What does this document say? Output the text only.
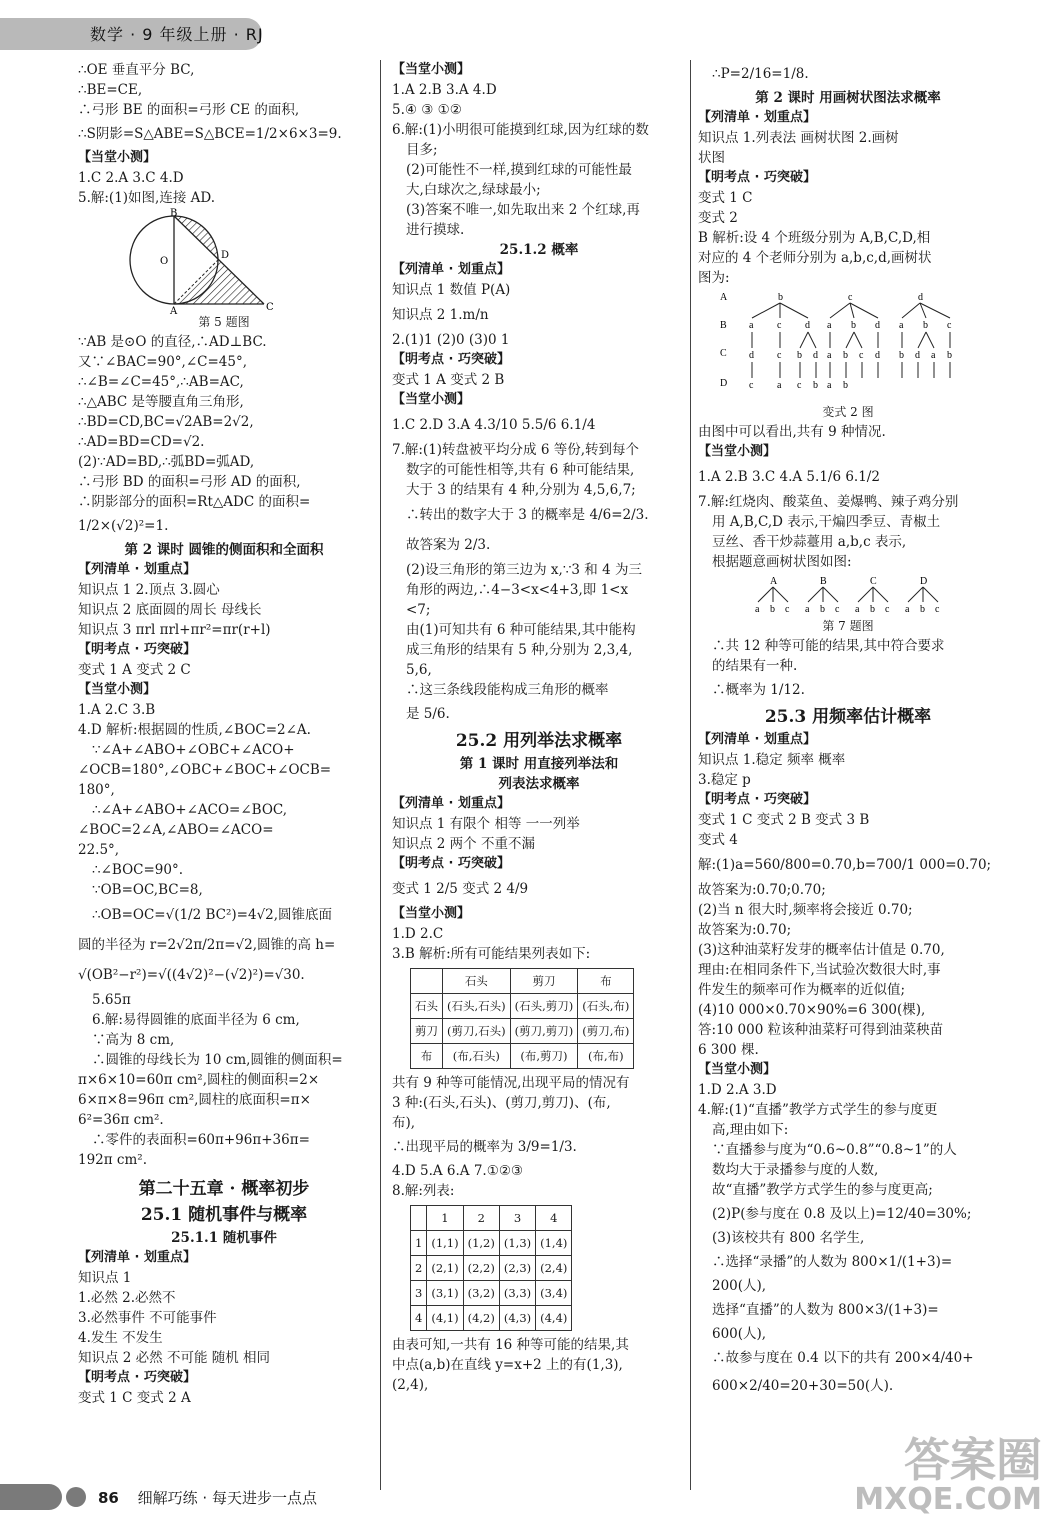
数学 · 9 年级上册 · RJ
∴OE 垂直平分 BC,
∴BE=CE,
∴弓形 BE 的面积=弓形 CE 的面积,
∴S阴影=S△ABE=S△BCE=1/2×6×3=9.
【当堂小测】
1.C 2.A 3.C 4.D
5.解:(1)如图,连接 AD.
B
O
D
A	C
第 5 题图
∵AB 是⊙O 的直径,∴AD⊥BC.
又∵∠BAC=90°,∠C=45°,
∴∠B=∠C=45°,∴AB=AC,
∴△ABC 是等腰直角三角形,
∴BD=CD,BC=√2AB=2√2,
∴AD=BD=CD=√2.
(2)∵AD=BD,∴弧BD=弧AD,
∴弓形 BD 的面积=弓形 AD 的面积,
∴阴影部分的面积=Rt△ADC 的面积=
1/2×(√2)²=1.
第 2 课时 圆锥的侧面积和全面积
【列清单 · 划重点】
知识点 1 2.顶点 3.圆心
知识点 2 底面圆的周长 母线长
知识点 3 πrl πrl+πr²=πr(r+l)
【明考点 · 巧突破】
变式 1 A 变式 2 C
【当堂小测】
1.A 2.C 3.B
4.D 解析:根据圆的性质,∠BOC=2∠A.
∵∠A+∠ABO+∠OBC+∠ACO+
∠OCB=180°,∠OBC+∠BOC+∠OCB=
180°,
∴∠A+∠ABO+∠ACO=∠BOC,
∠BOC=2∠A,∠ABO=∠ACO=
22.5°,
∴∠BOC=90°.
∵OB=OC,BC=8,
∴OB=OC=√(1/2 BC²)=4√2,圆锥底面
圆的半径为 r=2√2π/2π=√2,圆锥的高 h=
√(OB²−r²)=√((4√2)²−(√2)²)=√30.
5.65π
6.解:易得圆锥的底面半径为 6 cm,
∵高为 8 cm,
∴圆锥的母线长为 10 cm,圆锥的侧面积=
π×6×10=60π cm²,圆柱的侧面积=2×
6×π×8=96π cm²,圆柱的底面积=π×
6²=36π cm².
∴零件的表面积=60π+96π+36π=
192π cm².
第二十五章 · 概率初步
25.1 随机事件与概率
25.1.1 随机事件
【列清单 · 划重点】
知识点 1
1.必然 2.必然不
3.必然事件 不可能事件
4.发生 不发生
知识点 2 必然 不可能 随机 相同
【明考点 · 巧突破】
变式 1 C 变式 2 A
【当堂小测】
1.A 2.B 3.A 4.D
5.④ ③ ①②
6.解:(1)小明很可能摸到红球,因为红球的数
目多;
(2)可能性不一样,摸到红球的可能性最
大,白球次之,绿球最小;
(3)答案不唯一,如先取出来 2 个红球,再
进行摸球.
25.1.2 概率
【列清单 · 划重点】
知识点 1 数值 P(A)
知识点 2 1.m/n
2.(1)1 (2)0 (3)0 1
【明考点 · 巧突破】
变式 1 A 变式 2 B
【当堂小测】
1.C 2.D 3.A 4.3/10 5.5/6 6.1/4
7.解:(1)转盘被平均分成 6 等份,转到每个
数字的可能性相等,共有 6 种可能结果,
大于 3 的结果有 4 种,分别为 4,5,6,7;
∴转出的数字大于 3 的概率是 4/6=2/3.
故答案为 2/3.
(2)设三角形的第三边为 x,∵3 和 4 为三
角形的两边,∴4−3<x<4+3,即 1<x
<7;
由(1)可知共有 6 种可能结果,其中能构
成三角形的结果有 5 种,分别为 2,3,4,
5,6,
∴这三条线段能构成三角形的概率
是 5/6.
25.2 用列举法求概率
第 1 课时 用直接列举法和
列表法求概率
【列清单 · 划重点】
知识点 1 有限个 相等 一一列举
知识点 2 两个 不重不漏
【明考点 · 巧突破】
变式 1 2/5 变式 2 4/9
【当堂小测】
1.D 2.C
3.B 解析:所有可能结果列表如下:
	石头	剪刀	布
石头	(石头,石头)	(石头,剪刀)	(石头,布)
剪刀	(剪刀,石头)	(剪刀,剪刀)	(剪刀,布)
布	(布,石头)	(布,剪刀)	(布,布)
共有 9 种等可能情况,出现平局的情况有
3 种:(石头,石头)、(剪刀,剪刀)、(布,
布),
∴出现平局的概率为 3/9=1/3.
4.D 5.A 6.A 7.①②③
8.解:列表:
	1	2	3	4
1	(1,1)	(1,2)	(1,3)	(1,4)
2	(2,1)	(2,2)	(2,3)	(2,4)
3	(3,1)	(3,2)	(3,3)	(3,4)
4	(4,1)	(4,2)	(4,3)	(4,4)
由表可知,一共有 16 种等可能的结果,其
中点(a,b)在直线 y=x+2 上的有(1,3),
(2,4),
∴P=2/16=1/8.
第 2 课时 用画树状图法求概率
【列清单 · 划重点】
知识点 1.列表法 画树状图 2.画树
状图
【明考点 · 巧突破】
变式 1 C
变式 2
B 解析:设 4 个班级分别为 A,B,C,D,相
对应的 4 个老师分别为 a,b,c,d,画树状
图为:
A
B
C
D
b	c	d
a c d a b d a b c
d c b d a b c d b d a b
c a c b a b
变式 2 图
由图中可以看出,共有 9 种情况.
【当堂小测】
1.A 2.B 3.C 4.A 5.1/6 6.1/2
7.解:红烧肉、酸菜鱼、姜爆鸭、辣子鸡分别
用 A,B,C,D 表示,干煸四季豆、青椒土
豆丝、香干炒蒜薹用 a,b,c 表示,
根据题意画树状图如图:
A	B	C	D
a b c a b c a b c a b c
第 7 题图
∴共 12 种等可能的结果,其中符合要求
的结果有一种.
∴概率为 1/12.
25.3 用频率估计概率
【列清单 · 划重点】
知识点 1.稳定 频率 概率
3.稳定 p
【明考点 · 巧突破】
变式 1 C 变式 2 B 变式 3 B
变式 4
解:(1)a=560/800=0.70,b=700/1 000=0.70;
故答案为:0.70;0.70;
(2)当 n 很大时,频率将会接近 0.70;
故答案为:0.70;
(3)这种油菜籽发芽的概率估计值是 0.70,
理由:在相同条件下,当试验次数很大时,事
件发生的频率可作为概率的近似值;
(4)10 000×0.70×90%=6 300(棵),
答:10 000 粒该种油菜籽可得到油菜秧苗
6 300 棵.
【当堂小测】
1.D 2.A 3.D
4.解:(1)“直播”教学方式学生的参与度更
高,理由如下:
∵直播参与度为“0.6~0.8”“0.8~1”的人
数均大于录播参与度的人数,
故“直播”教学方式学生的参与度更高;
(2)P(参与度在 0.8 及以上)=12/40=30%;
(3)该校共有 800 名学生,
∴选择“录播”的人数为 800×1/(1+3)=
200(人),
选择“直播”的人数为 800×3/(1+3)=
600(人),
∴故参与度在 0.4 以下的共有 200×4/40+
600×2/40=20+30=50(人).
86 细解巧练 · 每天进步一点点
答案圈
MXQE.COM
